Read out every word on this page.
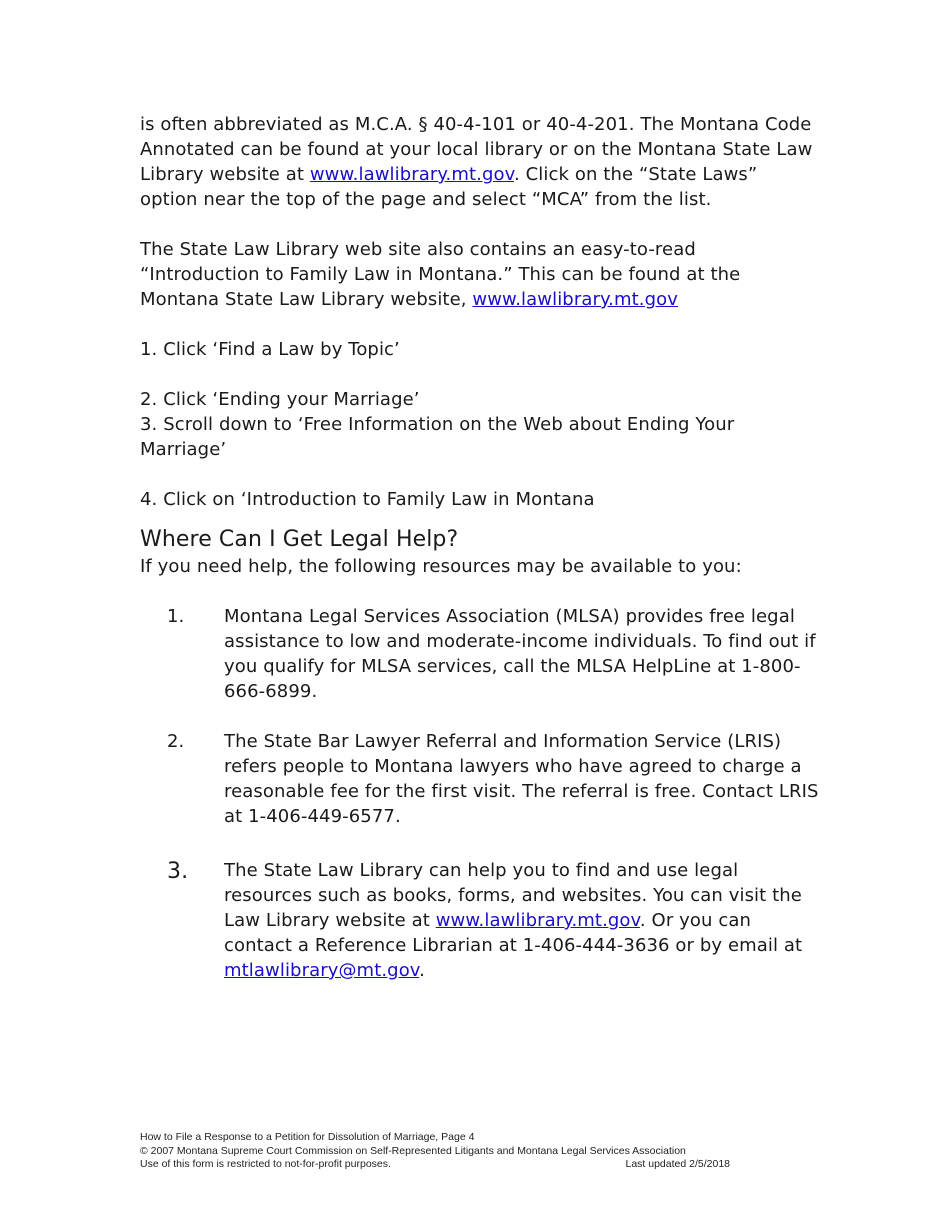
is often abbreviated as M.C.A. § 40-4-101 or 40-4-201. The Montana Code Annotated can be found at your local library or on the Montana State Law Library website at www.lawlibrary.mt.gov. Click on the “State Laws” option near the top of the page and select “MCA” from the list.

The State Law Library web site also contains an easy-to-read “Introduction to Family Law in Montana.” This can be found at the Montana State Law Library website, www.lawlibrary.mt.gov

1. Click ‘Find a Law by Topic’

2. Click ‘Ending your Marriage’

3. Scroll down to ‘Free Information on the Web about Ending Your Marriage’

4. Click on ‘Introduction to Family Law in Montana

Where Can I Get Legal Help?

If you need help, the following resources may be available to you:

1. Montana Legal Services Association (MLSA) provides free legal assistance to low and moderate-income individuals. To find out if you qualify for MLSA services, call the MLSA HelpLine at 1-800-666-6899.
2. The State Bar Lawyer Referral and Information Service (LRIS) refers people to Montana lawyers who have agreed to charge a reasonable fee for the first visit. The referral is free. Contact LRIS at 1-406-449-6577.
3. The State Law Library can help you to find and use legal resources such as books, forms, and websites. You can visit the Law Library website at www.lawlibrary.mt.gov. Or you can contact a Reference Librarian at 1-406-444-3636 or by email at mtlawlibrary@mt.gov.
How to File a Response to a Petition for Dissolution of Marriage, Page 4
© 2007 Montana Supreme Court Commission on Self-Represented Litigants and Montana Legal Services Association
Use of this form is restricted to not-for-profit purposes.	Last updated 2/5/2018
